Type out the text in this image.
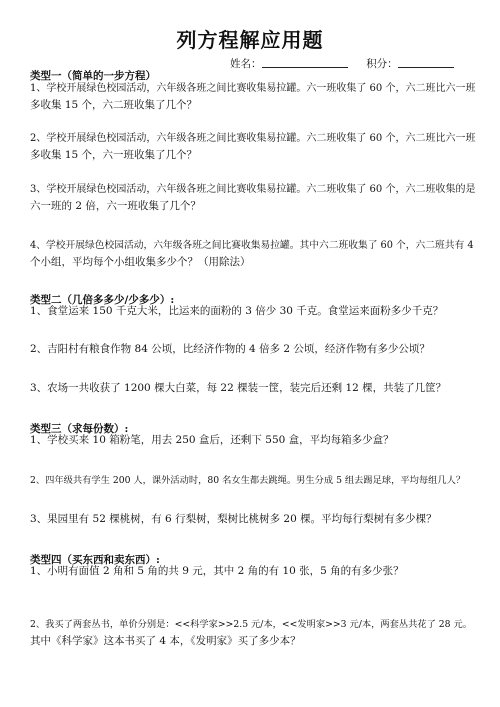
列方程解应用题
姓名：	积分：
类型一（简单的一步方程）
1、学校开展绿色校园活动，六年级各班之间比赛收集易拉罐。六一班收集了 60 个，六二班比六一班
多收集 15 个，六二班收集了几个？
2、学校开展绿色校园活动，六年级各班之间比赛收集易拉罐。六二班收集了 60 个，六二班比六一班
多收集 15 个，六一班收集了几个？
3、学校开展绿色校园活动，六年级各班之间比赛收集易拉罐。六二班收集了 60 个，六二班收集的是
六一班的 2 倍，六一班收集了几个？
4、学校开展绿色校园活动，六年级各班之间比赛收集易拉罐。其中六二班收集了 60 个，六二班共有 4
个小组，平均每个小组收集多少个？（用除法）
类型二（几倍多多少/少多少）:
1、食堂运来 150 千克大米，比运来的面粉的 3 倍少 30 千克。食堂运来面粉多少千克？
2、吉阳村有粮食作物 84 公顷，比经济作物的 4 倍多 2 公顷，经济作物有多少公顷？
3、农场一共收获了 1200 棵大白菜，每 22 棵装一筐，装完后还剩 12 棵，共装了几筐？
类型三（求每份数）:
1、学校买来 10 箱粉笔，用去 250 盒后，还剩下 550 盒，平均每箱多少盒？
2、四年级共有学生 200 人，课外活动时，80 名女生都去跳绳。男生分成 5 组去踢足球，平均每组几人？
3、果园里有 52 棵桃树，有 6 行梨树，梨树比桃树多 20 棵。平均每行梨树有多少棵？
类型四（买东西和卖东西）:
1、小明有面值 2 角和 5 角的共 9 元，其中 2 角的有 10 张，5 角的有多少张？
2、我买了两套丛书，单价分别是：<<科学家>>2.5 元/本，<<发明家>>3 元/本，两套丛共花了 28 元。
其中《科学家》这本书买了 4 本，《发明家》买了多少本？
